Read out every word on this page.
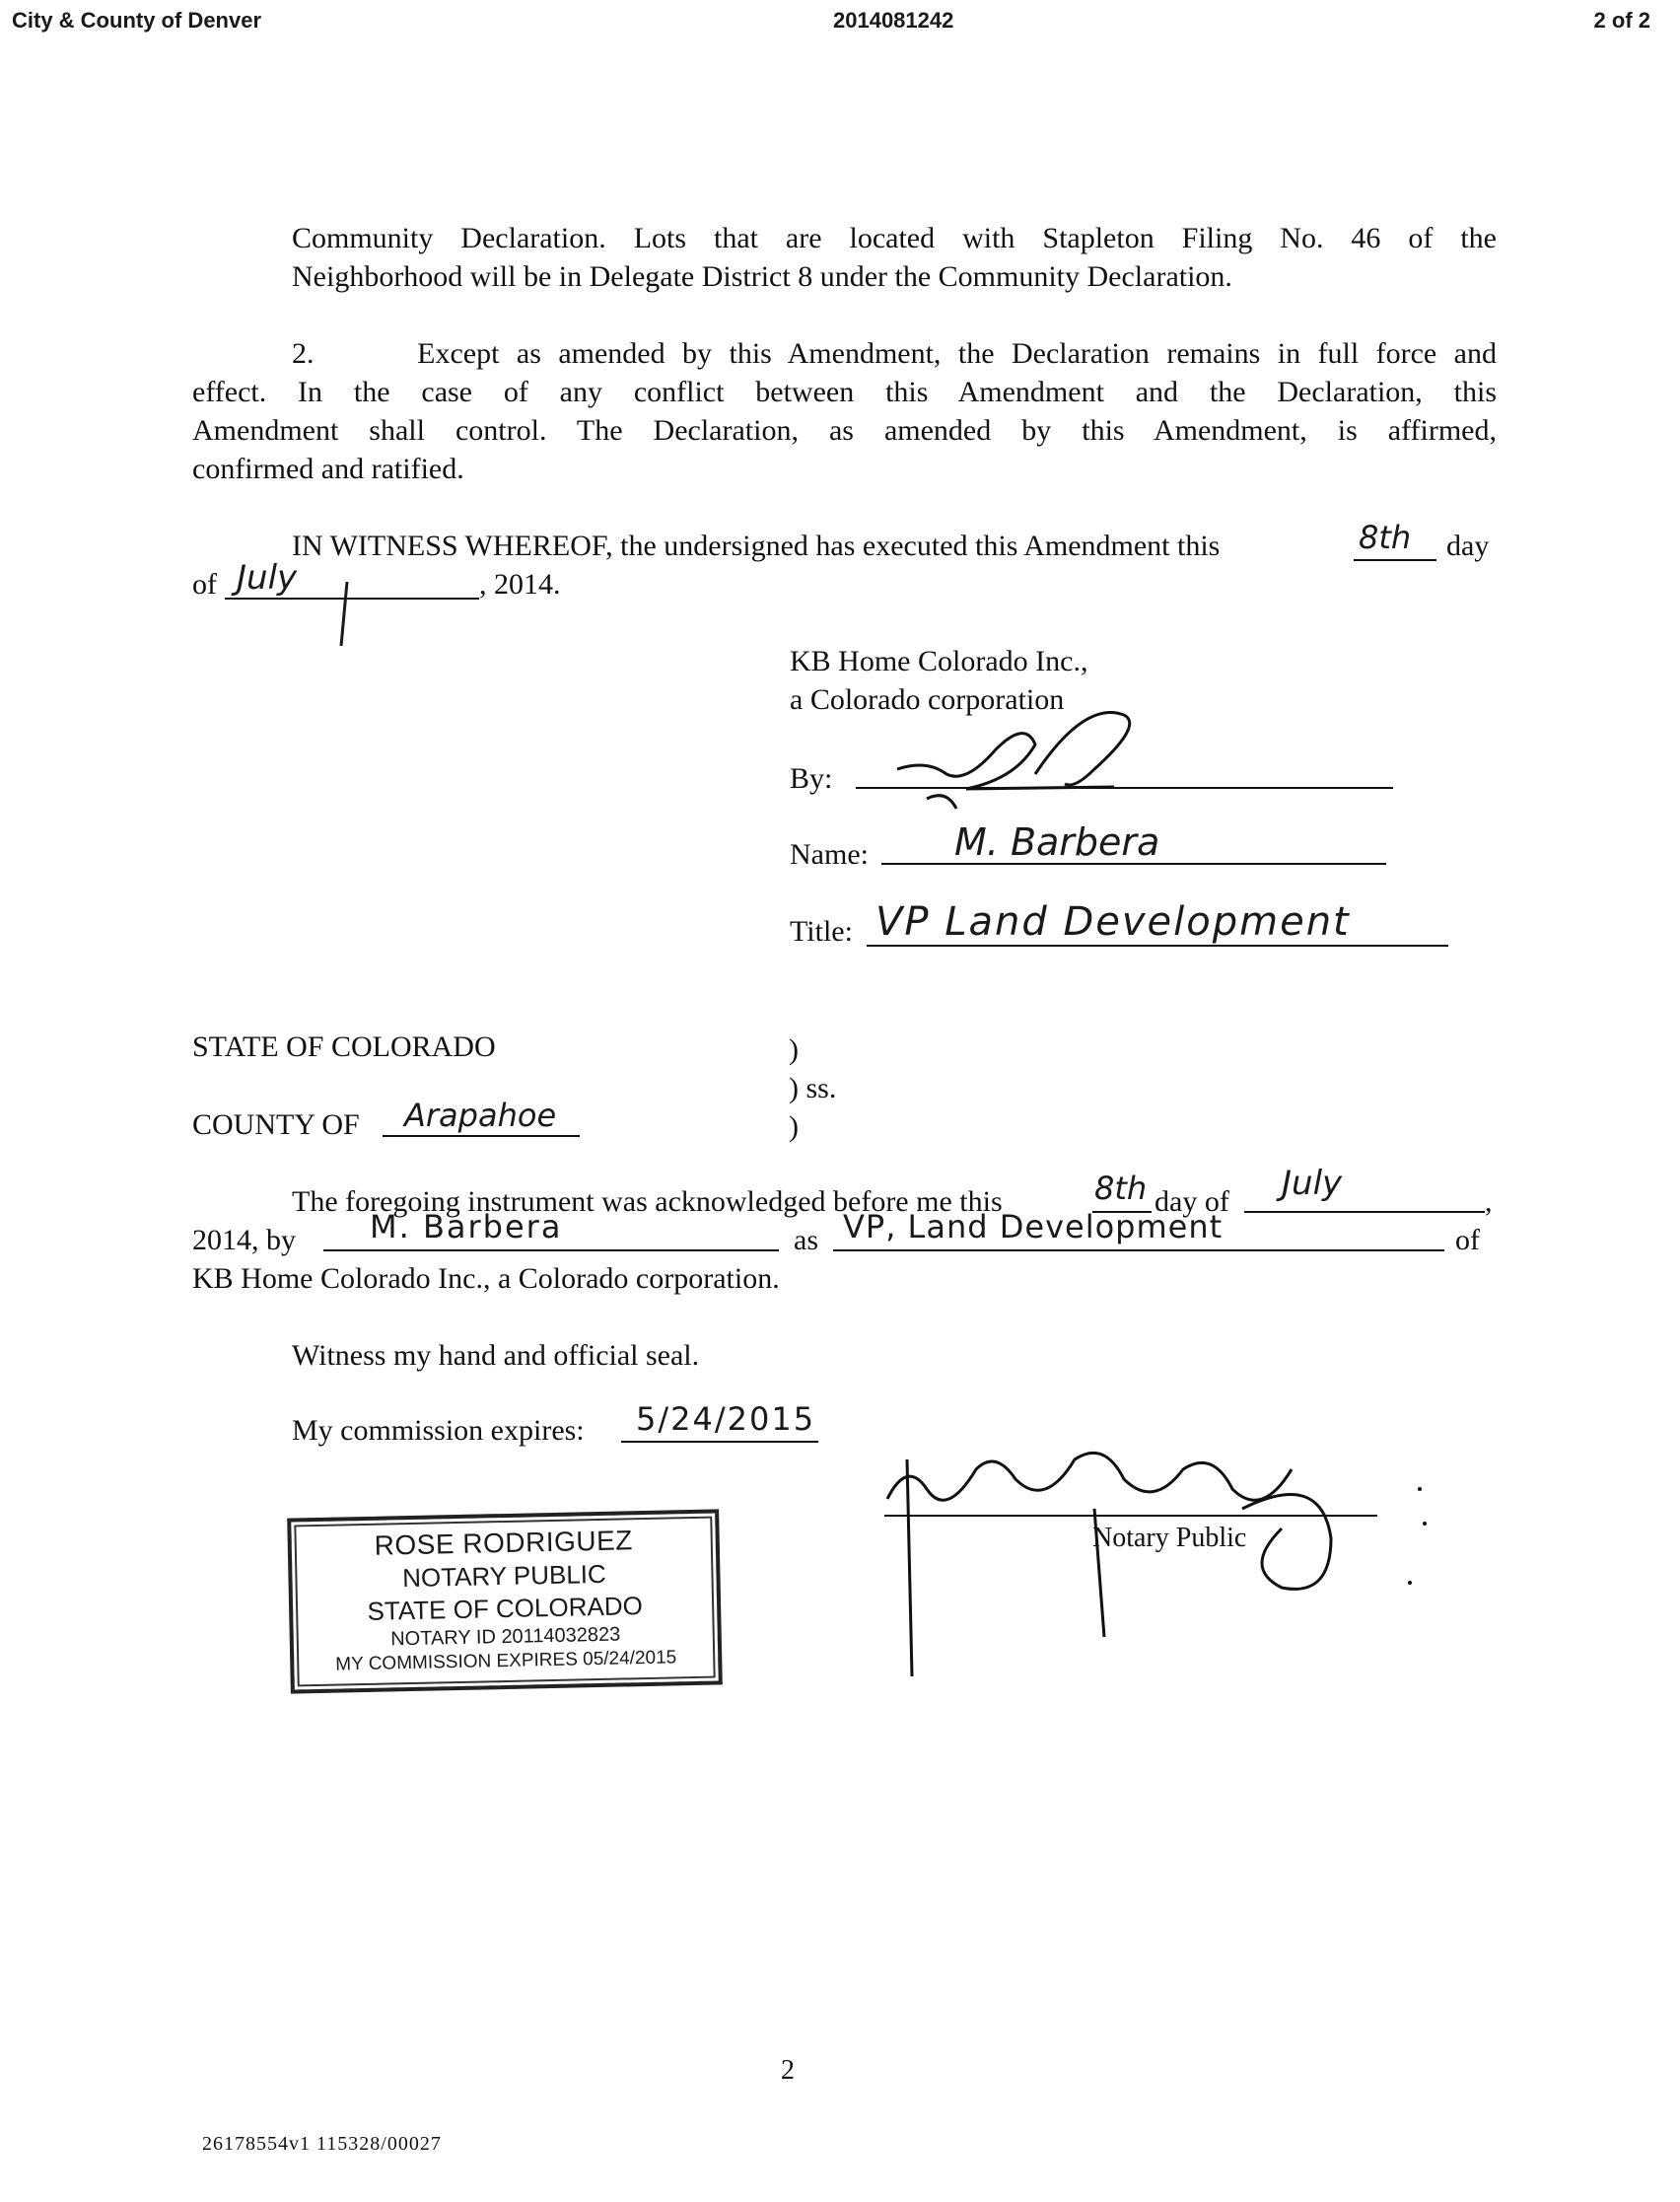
City & County of Denver	2014081242	2 of 2
Community Declaration. Lots that are located with Stapleton Filing No. 46 of the
Neighborhood will be in Delegate District 8 under the Community Declaration.
2.      Except as amended by this Amendment, the Declaration remains in full force and
effect. In the case of any conflict between this Amendment and the Declaration, this
Amendment shall control. The Declaration, as amended by this Amendment, is affirmed,
confirmed and ratified.
IN WITNESS WHEREOF, the undersigned has executed this Amendment this	8th day
of July	, 2014.
KB Home Colorado Inc.,
a Colorado corporation
By:
Name: M. Barbera
Title: VP Land Development
STATE OF COLORADO	)
) ss.
)
COUNTY OF Arapahoe
The foregoing instrument was acknowledged before me this	8th day of July	,
2014, by M. Barbera	as VP, Land Development	of
KB Home Colorado Inc., a Colorado corporation.
Witness my hand and official seal.
My commission expires: 5/24/2015
Notary Public
ROSE RODRIGUEZ
NOTARY PUBLIC
STATE OF COLORADO
NOTARY ID 20114032823
MY COMMISSION EXPIRES 05/24/2015
2
26178554v1 115328/00027
